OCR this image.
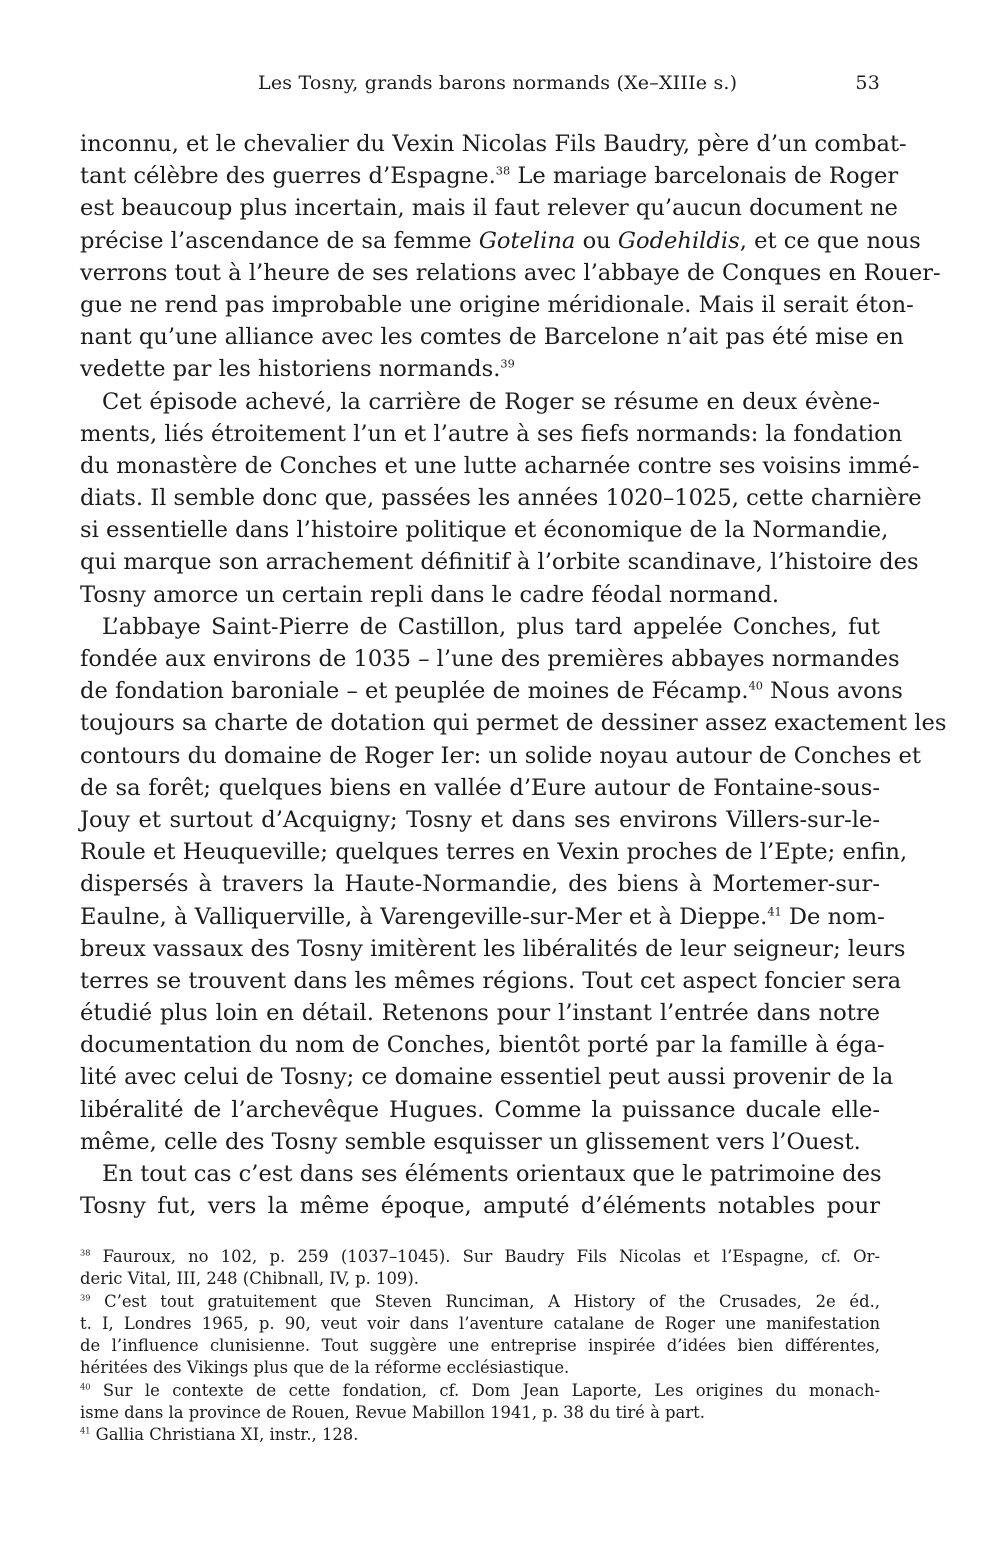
Les Tosny, grands barons normands (Xe–XIIIe s.)	53
inconnu, et le chevalier du Vexin Nicolas Fils Baudry, père d’un combat-
tant célèbre des guerres d’Espagne.$^{38}$ Le mariage barcelonais de Roger
est beaucoup plus incertain, mais il faut relever qu’aucun document ne
précise l’ascendance de sa femme Gotelina ou Godehildis, et ce que nous
verrons tout à l’heure de ses relations avec l’abbaye de Conques en Rouer-
gue ne rend pas improbable une origine méridionale. Mais il serait éton-
nant qu’une alliance avec les comtes de Barcelone n’ait pas été mise en
vedette par les historiens normands.$^{39}$
Cet épisode achevé, la carrière de Roger se résume en deux évène-
ments, liés étroitement l’un et l’autre à ses fiefs normands: la fondation
du monastère de Conches et une lutte acharnée contre ses voisins immé-
diats. Il semble donc que, passées les années 1020–1025, cette charnière
si essentielle dans l’histoire politique et économique de la Normandie,
qui marque son arrachement définitif à l’orbite scandinave, l’histoire des
Tosny amorce un certain repli dans le cadre féodal normand.
L’abbaye Saint-Pierre de Castillon, plus tard appelée Conches, fut
fondée aux environs de 1035 – l’une des premières abbayes normandes
de fondation baroniale – et peuplée de moines de Fécamp.$^{40}$ Nous avons
toujours sa charte de dotation qui permet de dessiner assez exactement les
contours du domaine de Roger Ier: un solide noyau autour de Conches et
de sa forêt; quelques biens en vallée d’Eure autour de Fontaine-sous-
Jouy et surtout d’Acquigny; Tosny et dans ses environs Villers-sur-le-
Roule et Heuqueville; quelques terres en Vexin proches de l’Epte; enfin,
dispersés à travers la Haute-Normandie, des biens à Mortemer-sur-
Eaulne, à Valliquerville, à Varengeville-sur-Mer et à Dieppe.$^{41}$ De nom-
breux vassaux des Tosny imitèrent les libéralités de leur seigneur; leurs
terres se trouvent dans les mêmes régions. Tout cet aspect foncier sera
étudié plus loin en détail. Retenons pour l’instant l’entrée dans notre
documentation du nom de Conches, bientôt porté par la famille à éga-
lité avec celui de Tosny; ce domaine essentiel peut aussi provenir de la
libéralité de l’archevêque Hugues. Comme la puissance ducale elle-
même, celle des Tosny semble esquisser un glissement vers l’Ouest.
En tout cas c’est dans ses éléments orientaux que le patrimoine des
Tosny fut, vers la même époque, amputé d’éléments notables pour
$^{38}$ Fauroux, no 102, p. 259 (1037–1045). Sur Baudry Fils Nicolas et l’Espagne, cf. Or-
deric Vital, III, 248 (Chibnall, IV, p. 109).
$^{39}$ C’est tout gratuitement que Steven Runciman, A History of the Crusades, 2e éd.,
t. I, Londres 1965, p. 90, veut voir dans l’aventure catalane de Roger une manifestation
de l’influence clunisienne. Tout suggère une entreprise inspirée d’idées bien différentes,
héritées des Vikings plus que de la réforme ecclésiastique.
$^{40}$ Sur le contexte de cette fondation, cf. Dom Jean Laporte, Les origines du monach-
isme dans la province de Rouen, Revue Mabillon 1941, p. 38 du tiré à part.
$^{41}$ Gallia Christiana XI, instr., 128.
